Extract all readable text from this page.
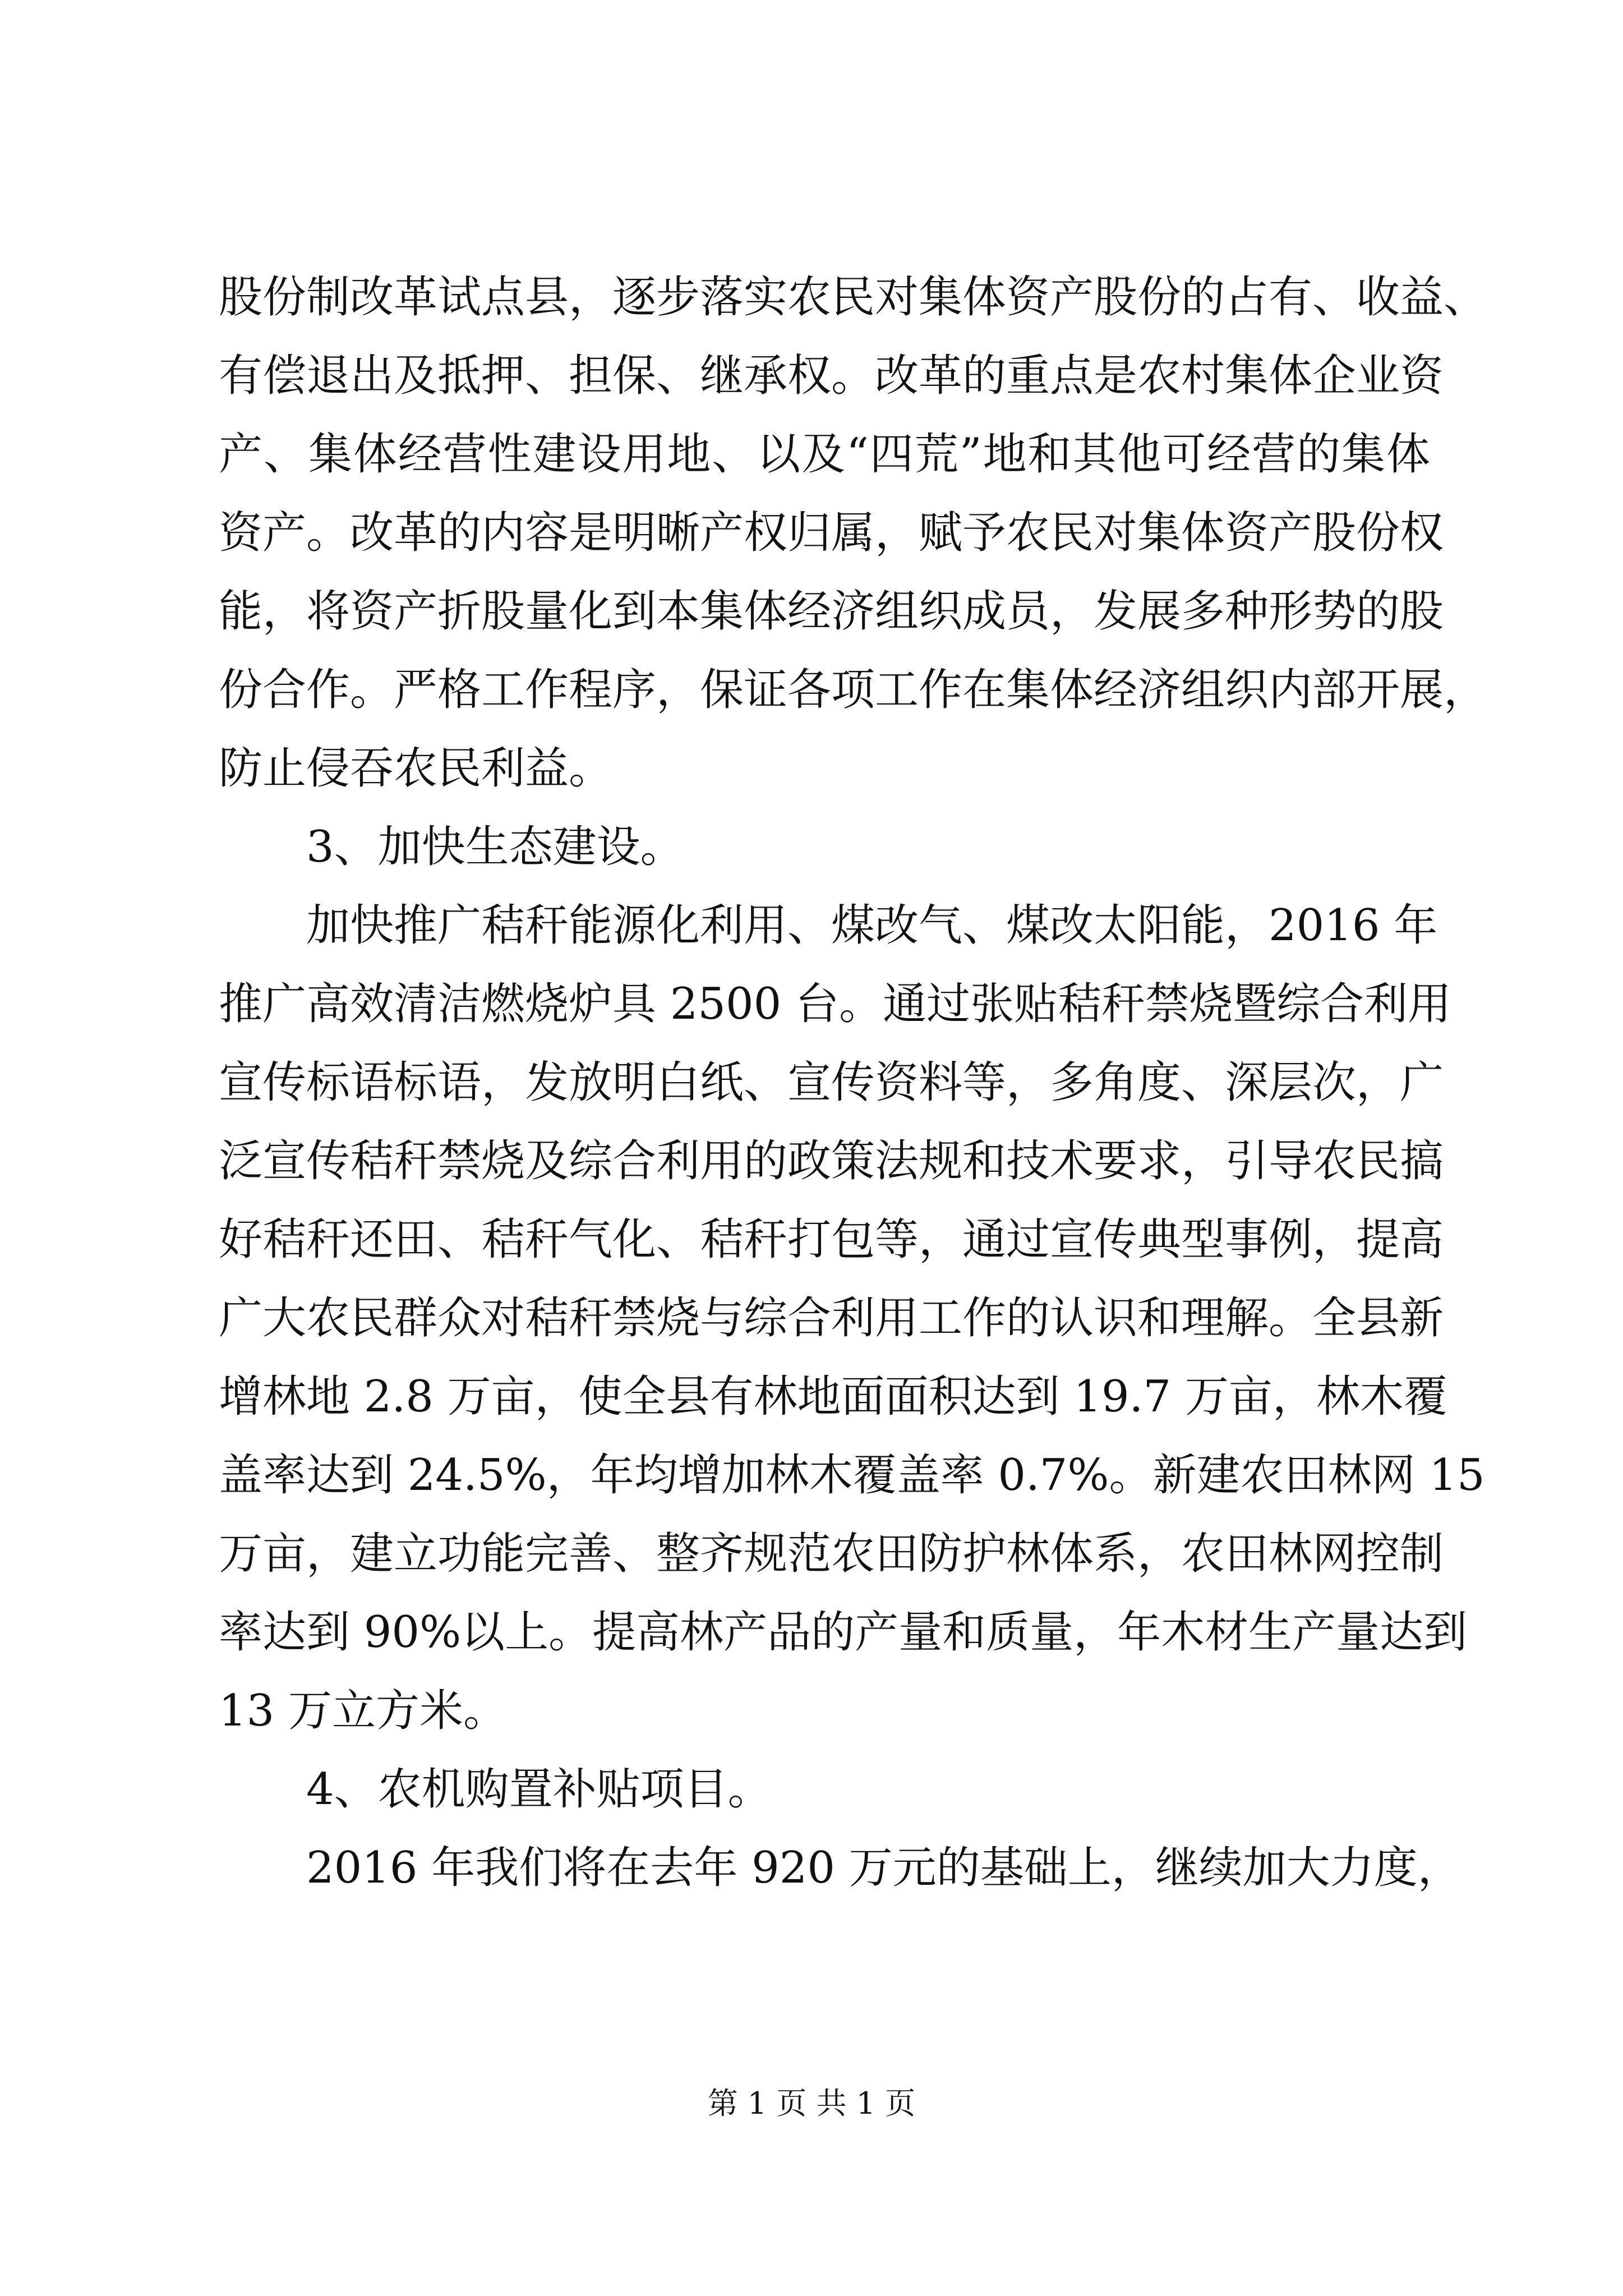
股份制改革试点县，逐步落实农民对集体资产股份的占有、收益、
有偿退出及抵押、担保、继承权。改革的重点是农村集体企业资
产、集体经营性建设用地、以及“四荒”地和其他可经营的集体
资产。改革的内容是明晰产权归属，赋予农民对集体资产股份权
能，将资产折股量化到本集体经济组织成员，发展多种形势的股
份合作。严格工作程序，保证各项工作在集体经济组织内部开展，
防止侵吞农民利益。
3、加快生态建设。
加快推广秸秆能源化利用、煤改气、煤改太阳能，2016 年
推广高效清洁燃烧炉具 2500 台。通过张贴秸秆禁烧暨综合利用
宣传标语标语，发放明白纸、宣传资料等，多角度、深层次，广
泛宣传秸秆禁烧及综合利用的政策法规和技术要求，引导农民搞
好秸秆还田、秸秆气化、秸秆打包等，通过宣传典型事例，提高
广大农民群众对秸秆禁烧与综合利用工作的认识和理解。全县新
增林地 2.8 万亩，使全县有林地面面积达到 19.7 万亩，林木覆
盖率达到 24.5%，年均增加林木覆盖率 0.7%。新建农田林网 15
万亩，建立功能完善、整齐规范农田防护林体系，农田林网控制
率达到 90%以上。提高林产品的产量和质量，年木材生产量达到
13 万立方米。
4、农机购置补贴项目。
2016 年我们将在去年 920 万元的基础上，继续加大力度，
第 1 页 共 1 页
